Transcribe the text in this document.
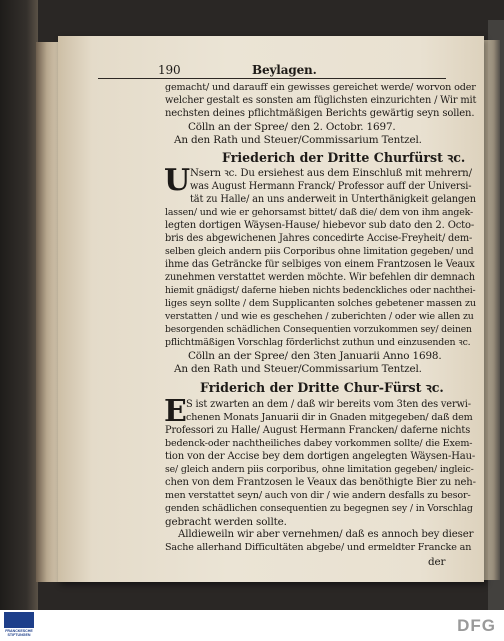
190	Beylagen.
gemacht/ und darauff ein gewisses gereichet werde/ worvon oder
welcher gestalt es sonsten am füglichsten einzurichten / Wir mit
nechsten deines pflichtmäßigen Berichts gewärtig seyn sollen.
Cölln an der Spree/ den 2. Octobr. 1697.
An den Rath und Steuer/Commissarium Tentzel.
Friederich der Dritte Churfürst ꝛc.
U Nsern ꝛc. Du ersiehest aus dem Einschluß mit mehrern/
was August Hermann Franck/ Professor auff der Universi-
tät zu Halle/ an uns anderweit in Unterthänigkeit gelangen
lassen/ und wie er gehorsamst bittet/ daß die/ dem von ihm angek-
legten dortigen Wäysen-Hause/ hiebevor sub dato den 2. Octo-
bris des abgewichenen Jahres concedirte Accise-Freyheit/ dem-
selben gleich andern piis Corporibus ohne limitation gegeben/ und
ihme das Geträncke für selbiges von einem Frantzosen le Veaux
zunehmen verstattet werden möchte. Wir befehlen dir demnach
hiemit gnädigst/ daferne hieben nichts bedenckliches oder nachthei-
liges seyn sollte / dem Supplicanten solches gebetener massen zu
verstatten / und wie es geschehen / zuberichten / oder wie allen zu
besorgenden schädlichen Consequentien vorzukommen sey/ deinen
pflichtmäßigen Vorschlag förderlichst zuthun und einzusenden ꝛc.
Cölln an der Spree/ den 3ten Januarii Anno 1698.
An den Rath und Steuer/Commissarium Tentzel.
Friderich der Dritte Chur-Fürst ꝛc.
E S ist zwarten an dem / daß wir bereits vom 3ten des verwi-
chenen Monats Januarii dir in Gnaden mitgegeben/ daß dem
Professori zu Halle/ August Hermann Francken/ daferne nichts
bedenck-oder nachtheiliches dabey vorkommen sollte/ die Exem-
tion von der Accise bey dem dortigen angelegten Wäysen-Hau-
se/ gleich andern piis corporibus, ohne limitation gegeben/ ingleic-
chen von dem Frantzosen le Veaux das benöthigte Bier zu neh-
men verstattet seyn/ auch von dir / wie andern desfalls zu besor-
genden schädlichen consequentien zu begegnen sey / in Vorschlag
gebracht werden sollte.
Alldieweiln wir aber vernehmen/ daß es annoch bey dieser
Sache allerhand Difficultäten abgebe/ und ermeldter Francke an
der
FRANCKESCHE STIFTUNGEN	DFG
